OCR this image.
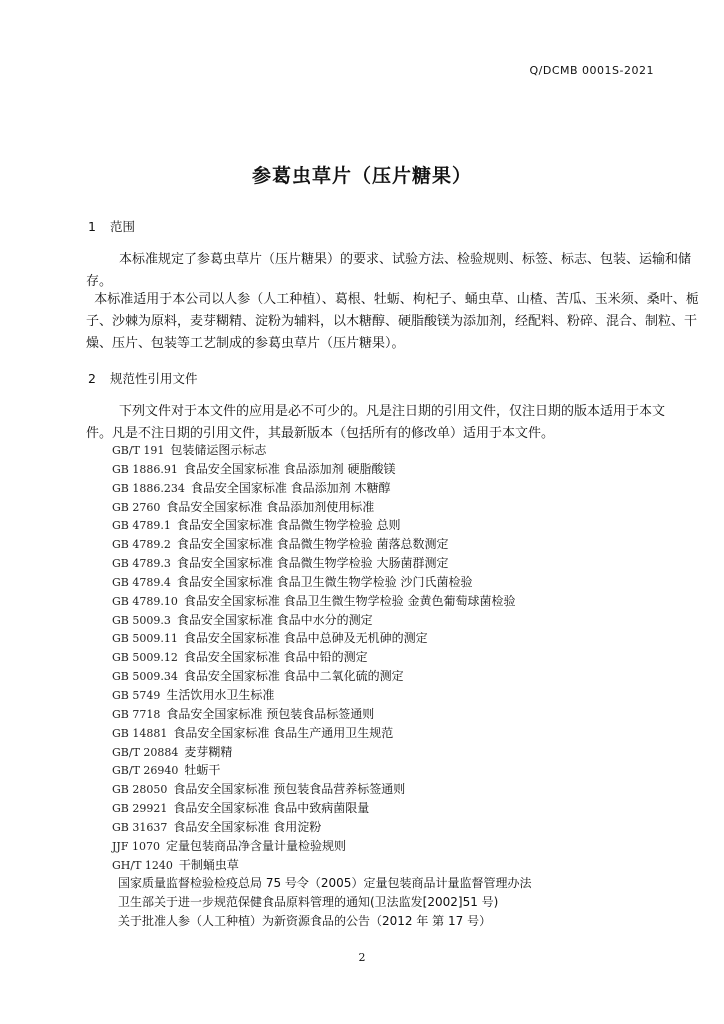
Q/DCMB 0001S-2021
参葛虫草片（压片糖果）
1 范围
本标准规定了参葛虫草片（压片糖果）的要求、试验方法、检验规则、标签、标志、包装、运输和储
存。
本标准适用于本公司以人参（人工种植）、葛根、牡蛎、枸杞子、蛹虫草、山楂、苦瓜、玉米须、桑叶、栀
子、沙棘为原料，麦芽糊精、淀粉为辅料，以木糖醇、硬脂酸镁为添加剂，经配料、粉碎、混合、制粒、干
燥、压片、包装等工艺制成的参葛虫草片（压片糖果）。
2 规范性引用文件
下列文件对于本文件的应用是必不可少的。凡是注日期的引用文件，仅注日期的版本适用于本文
件。凡是不注日期的引用文件，其最新版本（包括所有的修改单）适用于本文件。
GB/T 191 包装储运图示标志
GB 1886.91 食品安全国家标准 食品添加剂 硬脂酸镁
GB 1886.234 食品安全国家标准 食品添加剂 木糖醇
GB 2760 食品安全国家标准 食品添加剂使用标准
GB 4789.1 食品安全国家标准 食品微生物学检验 总则
GB 4789.2 食品安全国家标准 食品微生物学检验 菌落总数测定
GB 4789.3 食品安全国家标准 食品微生物学检验 大肠菌群测定
GB 4789.4 食品安全国家标准 食品卫生微生物学检验 沙门氏菌检验
GB 4789.10 食品安全国家标准 食品卫生微生物学检验 金黄色葡萄球菌检验
GB 5009.3 食品安全国家标准 食品中水分的测定
GB 5009.11 食品安全国家标准 食品中总砷及无机砷的测定
GB 5009.12 食品安全国家标准 食品中铅的测定
GB 5009.34 食品安全国家标准 食品中二氧化硫的测定
GB 5749 生活饮用水卫生标准
GB 7718 食品安全国家标准 预包装食品标签通则
GB 14881 食品安全国家标准 食品生产通用卫生规范
GB/T 20884 麦芽糊精
GB/T 26940 牡蛎干
GB 28050 食品安全国家标准 预包装食品营养标签通则
GB 29921 食品安全国家标准 食品中致病菌限量
GB 31637 食品安全国家标准 食用淀粉
JJF 1070 定量包装商品净含量计量检验规则
GH/T 1240 干制蛹虫草
国家质量监督检验检疫总局 75 号令（2005）定量包装商品计量监督管理办法
卫生部关于进一步规范保健食品原料管理的通知(卫法监发[2002]51 号)
关于批准人参（人工种植）为新资源食品的公告（2012 年 第 17 号）
2
